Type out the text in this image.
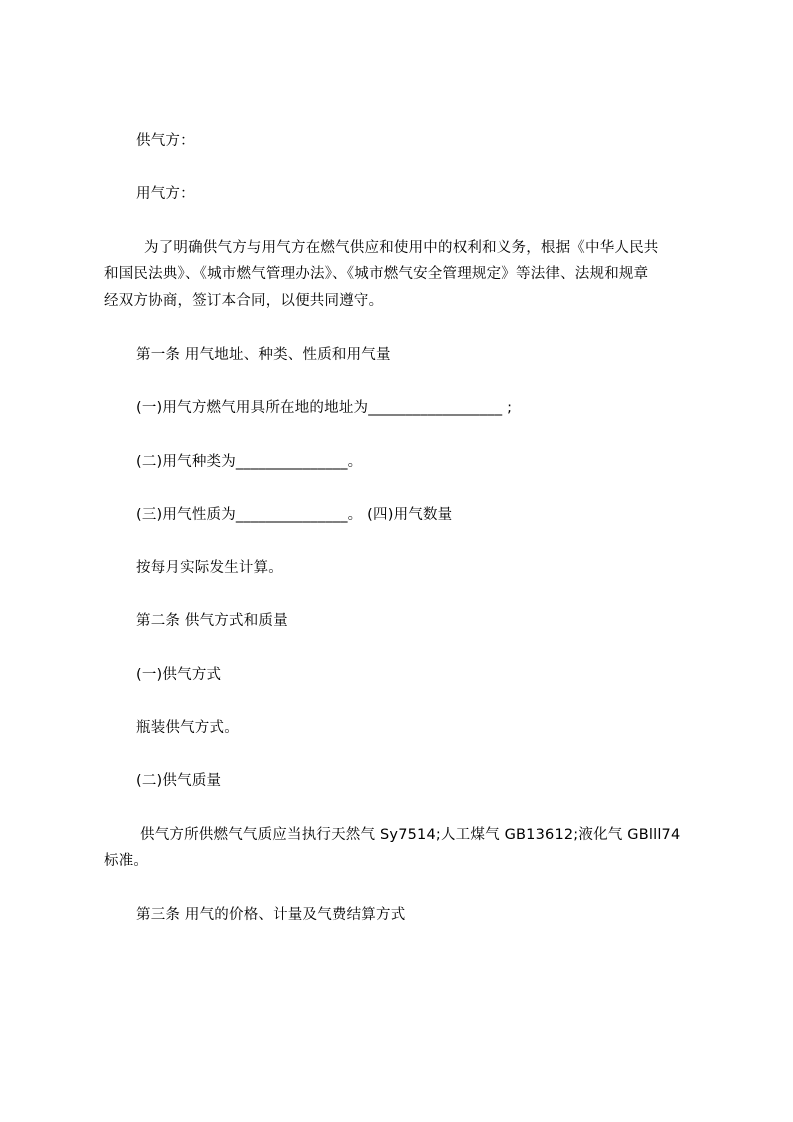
供气方：
用气方：
为了明确供气方与用气方在燃气供应和使用中的权利和义务，根据《中华人民共
和国民法典》、《城市燃气管理办法》、《城市燃气安全管理规定》等法律、法规和规章
经双方协商，签订本合同，以便共同遵守。
第一条 用气地址、种类、性质和用气量
(一)用气方燃气用具所在地的地址为__________________ ;
(二)用气种类为_______________。
(三)用气性质为_______________。 (四)用气数量
按每月实际发生计算。
第二条 供气方式和质量
(一)供气方式
瓶装供气方式。
(二)供气质量
供气方所供燃气气质应当执行天然气 Sy7514;人工煤气 GB13612;液化气 GBlll74
标准。
第三条 用气的价格、计量及气费结算方式
